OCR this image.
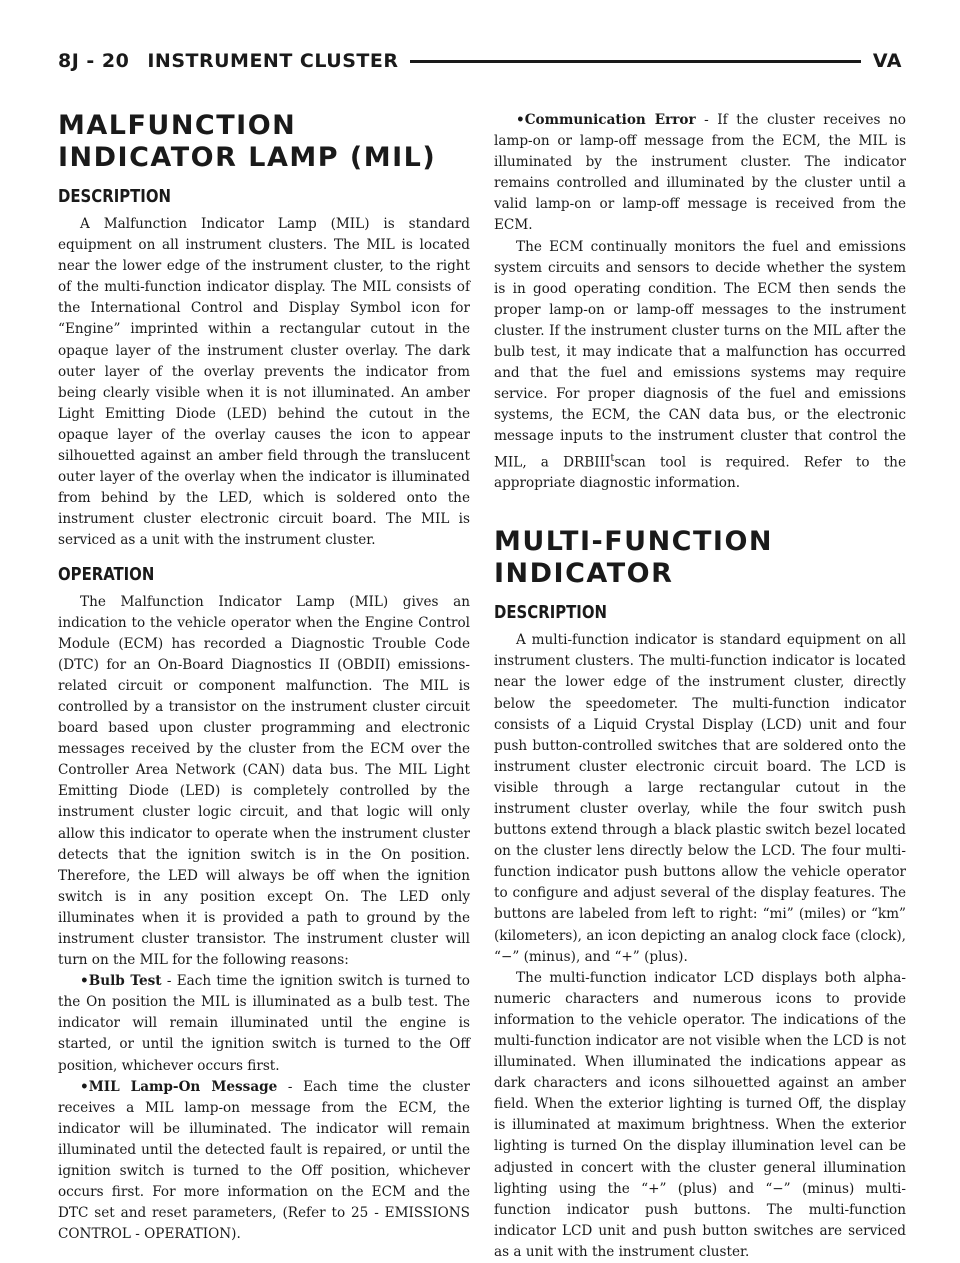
8J - 20 INSTRUMENT CLUSTER	VA
MALFUNCTION INDICATOR LAMP (MIL)
DESCRIPTION

A Malfunction Indicator Lamp (MIL) is standard equipment on all instrument clusters. The MIL is located near the lower edge of the instrument cluster, to the right of the multi-function indicator display. The MIL consists of the International Control and Display Symbol icon for “Engine” imprinted within a rectangular cutout in the opaque layer of the instrument cluster overlay. The dark outer layer of the overlay prevents the indicator from being clearly visible when it is not illuminated. An amber Light Emitting Diode (LED) behind the cutout in the opaque layer of the overlay causes the icon to appear silhouetted against an amber field through the translucent outer layer of the overlay when the indicator is illuminated from behind by the LED, which is soldered onto the instrument cluster electronic circuit board. The MIL is serviced as a unit with the instrument cluster.

OPERATION

The Malfunction Indicator Lamp (MIL) gives an indication to the vehicle operator when the Engine Control Module (ECM) has recorded a Diagnostic Trouble Code (DTC) for an On-Board Diagnostics II (OBDII) emissions-related circuit or component malfunction. The MIL is controlled by a transistor on the instrument cluster circuit board based upon cluster programming and electronic messages received by the cluster from the ECM over the Controller Area Network (CAN) data bus. The MIL Light Emitting Diode (LED) is completely controlled by the instrument cluster logic circuit, and that logic will only allow this indicator to operate when the instrument cluster detects that the ignition switch is in the On position. Therefore, the LED will always be off when the ignition switch is in any position except On. The LED only illuminates when it is provided a path to ground by the instrument cluster transistor. The instrument cluster will turn on the MIL for the following reasons:

•Bulb Test - Each time the ignition switch is turned to the On position the MIL is illuminated as a bulb test. The indicator will remain illuminated until the engine is started, or until the ignition switch is turned to the Off position, whichever occurs first.

•MIL Lamp-On Message - Each time the cluster receives a MIL lamp-on message from the ECM, the indicator will be illuminated. The indicator will remain illuminated until the detected fault is repaired, or until the ignition switch is turned to the Off position, whichever occurs first. For more information on the ECM and the DTC set and reset parameters, (Refer to 25 - EMISSIONS CONTROL - OPERATION).

•Communication Error - If the cluster receives no lamp-on or lamp-off message from the ECM, the MIL is illuminated by the instrument cluster. The indicator remains controlled and illuminated by the cluster until a valid lamp-on or lamp-off message is received from the ECM.

The ECM continually monitors the fuel and emissions system circuits and sensors to decide whether the system is in good operating condition. The ECM then sends the proper lamp-on or lamp-off messages to the instrument cluster. If the instrument cluster turns on the MIL after the bulb test, it may indicate that a malfunction has occurred and that the fuel and emissions systems may require service. For proper diagnosis of the fuel and emissions systems, the ECM, the CAN data bus, or the electronic message inputs to the instrument cluster that control the MIL, a DRBIII$^t$scan tool is required. Refer to the appropriate diagnostic information.

MULTI-FUNCTION INDICATOR
DESCRIPTION

A multi-function indicator is standard equipment on all instrument clusters. The multi-function indicator is located near the lower edge of the instrument cluster, directly below the speedometer. The multi-function indicator consists of a Liquid Crystal Display (LCD) unit and four push button-controlled switches that are soldered onto the instrument cluster electronic circuit board. The LCD is visible through a large rectangular cutout in the instrument cluster overlay, while the four switch push buttons extend through a black plastic switch bezel located on the cluster lens directly below the LCD. The four multi-function indicator push buttons allow the vehicle operator to configure and adjust several of the display features. The buttons are labeled from left to right: “mi” (miles) or “km” (kilometers), an icon depicting an analog clock face (clock), “−” (minus), and “+” (plus).

The multi-function indicator LCD displays both alpha-numeric characters and numerous icons to provide information to the vehicle operator. The indications of the multi-function indicator are not visible when the LCD is not illuminated. When illuminated the indications appear as dark characters and icons silhouetted against an amber field. When the exterior lighting is turned Off, the display is illuminated at maximum brightness. When the exterior lighting is turned On the display illumination level can be adjusted in concert with the cluster general illumination lighting using the “+” (plus) and “−” (minus) multi-function indicator push buttons. The multi-function indicator LCD unit and push button switches are serviced as a unit with the instrument cluster.
